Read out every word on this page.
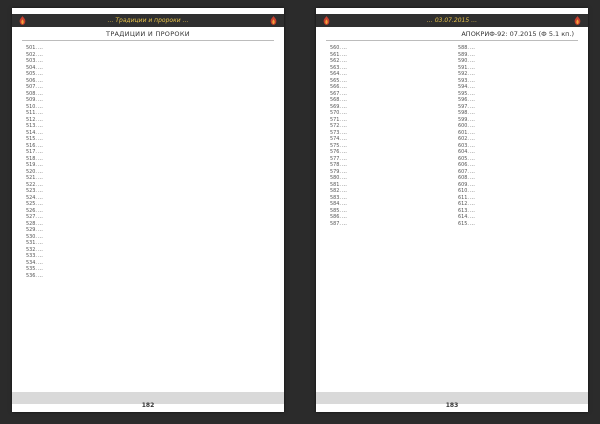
… Традиции и пророки …
ТРАДИЦИИ И ПРОРОКИ
501.…
502.…
503.…
504.…
505.…
506.…
507.…
508.…
509.…
510.…
511.…
512.…
513.…
514.…
515.…
516.…
517.…
518.…
519.…
520.…
521.…
522.…
523.…
524.…
525.…
526.…
527.…
528.…
529.…
530.…
531.…
532.…
533.…
534.…
535.…
536.…
182
… 03.07.2015 …
АПОКРИФ-92: 07.2015 (Ф 5.1 кп.)
560.…
561.…
562.…
563.…
564.…
565.…
566.…
567.…
568.…
569.…
570.…
571.…
572.…
573.…
574.…
575.…
576.…
577.…
578.…
579.…
580.…
581.…
582.…
583.…
584.…
585.…
586.…
587.…
588.…
589.…
590.…
591.…
592.…
593.…
594.…
595.…
596.…
597.…
598.…
599.…
600.…
601.…
602.…
603.…
604.…
605.…
606.…
607.…
608.…
609.…
610.…
611.…
612.…
613.…
614.…
615.…
183
